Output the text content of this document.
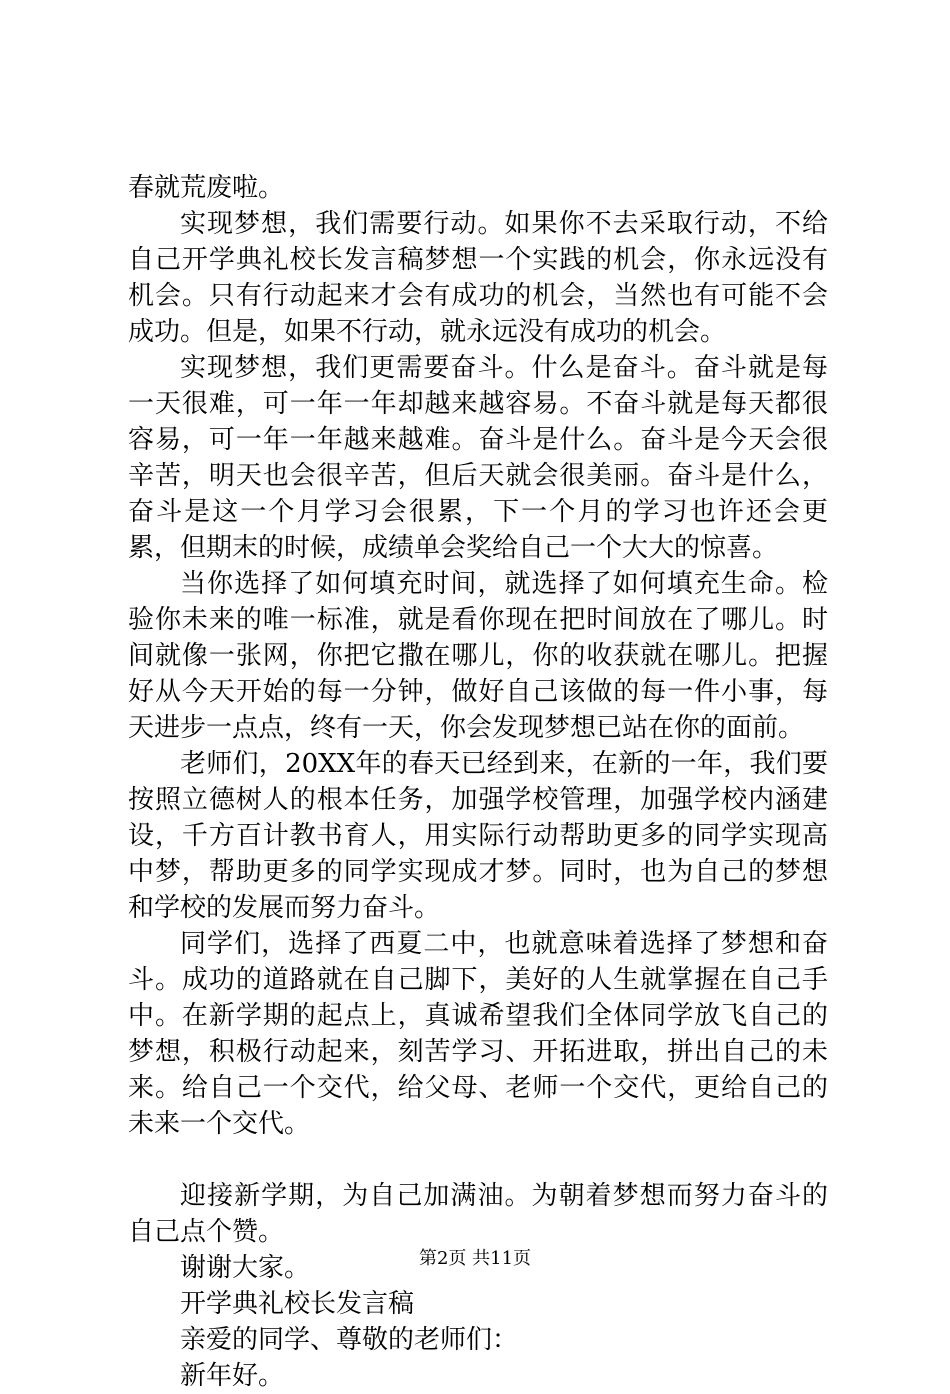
春就荒废啦。

实现梦想，我们需要行动。如果你不去采取行动，不给自己开学典礼校长发言稿梦想一个实践的机会，你永远没有机会。只有行动起来才会有成功的机会，当然也有可能不会成功。但是，如果不行动，就永远没有成功的机会。

实现梦想，我们更需要奋斗。什么是奋斗。奋斗就是每一天很难，可一年一年却越来越容易。不奋斗就是每天都很容易，可一年一年越来越难。奋斗是什么。奋斗是今天会很辛苦，明天也会很辛苦，但后天就会很美丽。奋斗是什么，奋斗是这一个月学习会很累，下一个月的学习也许还会更累，但期末的时候，成绩单会奖给自己一个大大的惊喜。

当你选择了如何填充时间，就选择了如何填充生命。检验你未来的唯一标准，就是看你现在把时间放在了哪儿。时间就像一张网，你把它撒在哪儿，你的收获就在哪儿。把握好从今天开始的每一分钟，做好自己该做的每一件小事，每天进步一点点，终有一天，你会发现梦想已站在你的面前。

老师们，20XX年的春天已经到来，在新的一年，我们要按照立德树人的根本任务，加强学校管理，加强学校内涵建设，千方百计教书育人，用实际行动帮助更多的同学实现高中梦，帮助更多的同学实现成才梦。同时，也为自己的梦想和学校的发展而努力奋斗。

同学们，选择了西夏二中，也就意味着选择了梦想和奋斗。成功的道路就在自己脚下，美好的人生就掌握在自己手中。在新学期的起点上，真诚希望我们全体同学放飞自己的梦想，积极行动起来，刻苦学习、开拓进取，拼出自己的未来。给自己一个交代，给父母、老师一个交代，更给自己的未来一个交代。

迎接新学期，为自己加满油。为朝着梦想而努力奋斗的自己点个赞。

谢谢大家。

开学典礼校长发言稿

亲爱的同学、尊敬的老师们：

新年好。

第2页 共11页
